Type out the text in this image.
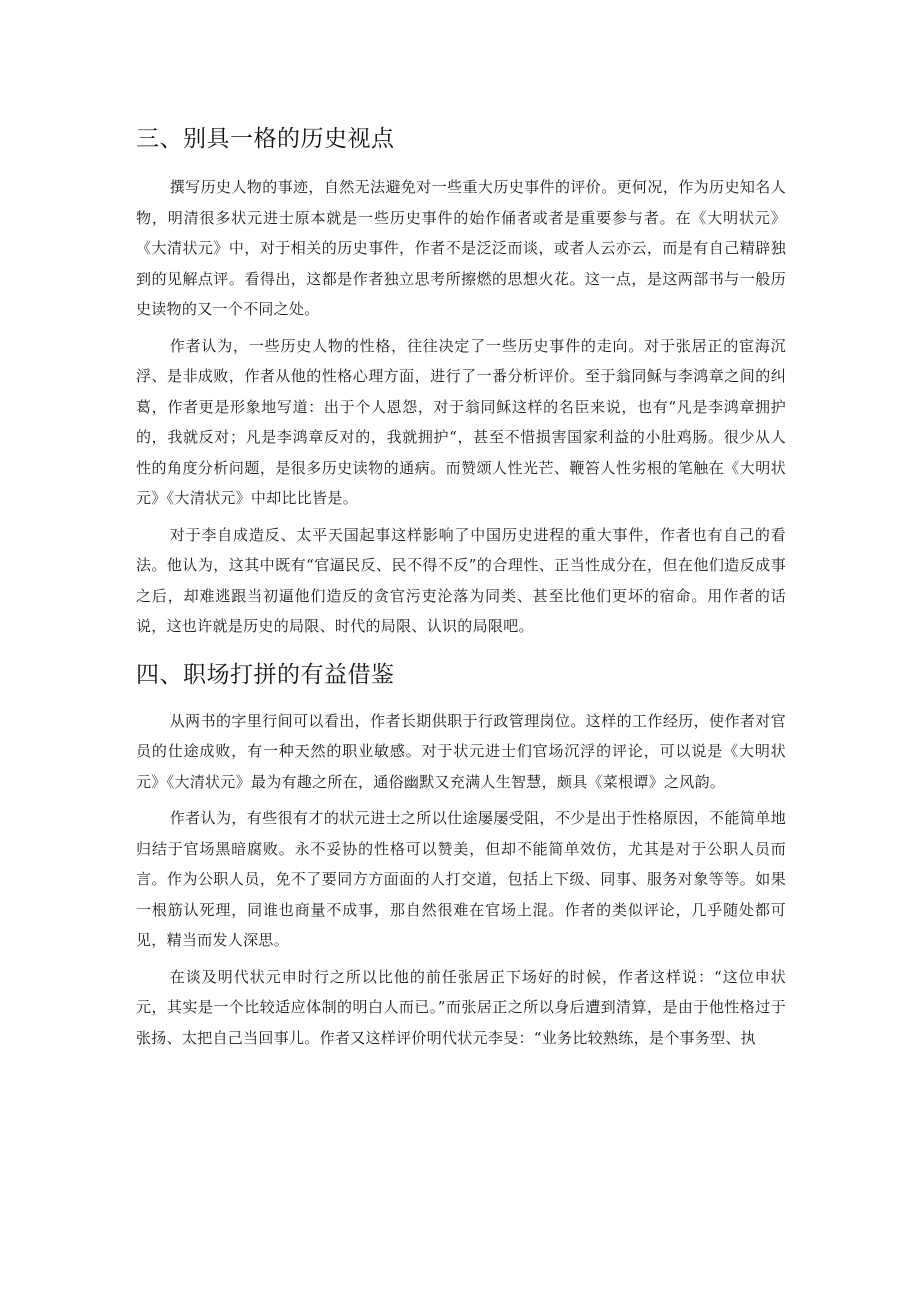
三、别具一格的历史视点

撰写历史人物的事迹，自然无法避免对一些重大历史事件的评价。更何况，作为历史知名人物，明清很多状元进士原本就是一些历史事件的始作俑者或者是重要参与者。在《大明状元》《大清状元》中，对于相关的历史事件，作者不是泛泛而谈，或者人云亦云，而是有自己精辟独到的见解点评。看得出，这都是作者独立思考所擦燃的思想火花。这一点，是这两部书与一般历史读物的又一个不同之处。

作者认为，一些历史人物的性格，往往决定了一些历史事件的走向。对于张居正的宦海沉浮、是非成败，作者从他的性格心理方面，进行了一番分析评价。至于翁同稣与李鸿章之间的纠葛，作者更是形象地写道：出于个人恩怨，对于翁同稣这样的名臣来说，也有“凡是李鸿章拥护的，我就反对；凡是李鸿章反对的，我就拥护“，甚至不惜损害国家利益的小肚鸡肠。很少从人性的角度分析问题，是很多历史读物的通病。而赞颂人性光芒、鞭笞人性劣根的笔触在《大明状元》《大清状元》中却比比皆是。

对于李自成造反、太平天国起事这样影响了中国历史进程的重大事件，作者也有自己的看法。他认为，这其中既有“官逼民反、民不得不反”的合理性、正当性成分在，但在他们造反成事之后，却难逃跟当初逼他们造反的贪官污吏沦落为同类、甚至比他们更坏的宿命。用作者的话说，这也许就是历史的局限、时代的局限、认识的局限吧。

四、职场打拼的有益借鉴

从两书的字里行间可以看出，作者长期供职于行政管理岗位。这样的工作经历，使作者对官员的仕途成败，有一种天然的职业敏感。对于状元进士们官场沉浮的评论，可以说是《大明状元》《大清状元》最为有趣之所在，通俗幽默又充满人生智慧，颇具《菜根谭》之风韵。

作者认为，有些很有才的状元进士之所以仕途屡屡受阻，不少是出于性格原因，不能简单地归结于官场黑暗腐败。永不妥协的性格可以赞美，但却不能简单效仿，尤其是对于公职人员而言。作为公职人员，免不了要同方方面面的人打交道，包括上下级、同事、服务对象等等。如果一根筋认死理，同谁也商量不成事，那自然很难在官场上混。作者的类似评论，几乎随处都可见，精当而发人深思。

在谈及明代状元申时行之所以比他的前任张居正下场好的时候，作者这样说：“这位申状元，其实是一个比较适应体制的明白人而已。”而张居正之所以身后遭到清算，是由于他性格过于张扬、太把自己当回事儿。作者又这样评价明代状元李旻：“业务比较熟练，是个事务型、执
